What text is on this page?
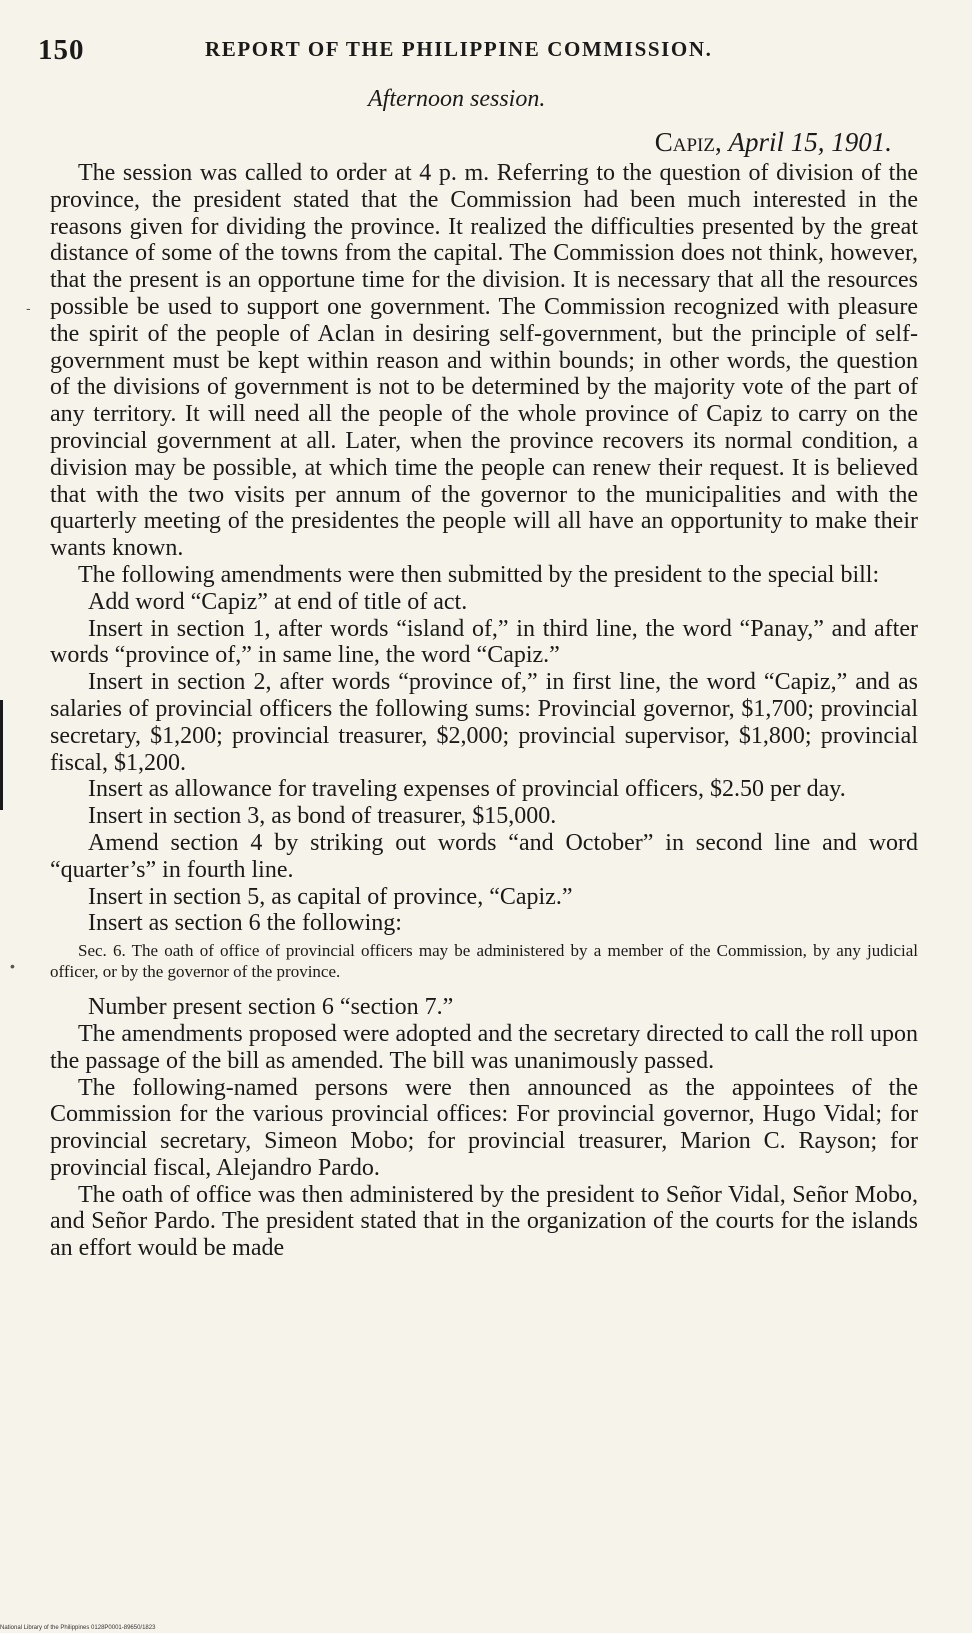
-
•
150	REPORT OF THE PHILIPPINE COMMISSION.
Afternoon session.
Capiz, April 15, 1901.

The session was called to order at 4 p. m. Referring to the question of division of the province, the president stated that the Commission had been much interested in the reasons given for dividing the province. It realized the difficulties presented by the great distance of some of the towns from the capital. The Commission does not think, however, that the present is an opportune time for the division. It is necessary that all the resources possible be used to support one government. The Commission recognized with pleasure the spirit of the people of Aclan in desiring self-government, but the principle of self-government must be kept within reason and within bounds; in other words, the question of the divisions of government is not to be determined by the majority vote of the part of any territory. It will need all the people of the whole province of Capiz to carry on the provincial government at all. Later, when the province recovers its normal condition, a division may be possible, at which time the people can renew their request. It is believed that with the two visits per annum of the governor to the municipalities and with the quarterly meeting of the presidentes the people will all have an opportunity to make their wants known.

The following amendments were then submitted by the president to the special bill:

Add word “Capiz” at end of title of act.

Insert in section 1, after words “island of,” in third line, the word “Panay,” and after words “province of,” in same line, the word “Capiz.”

Insert in section 2, after words “province of,” in first line, the word “Capiz,” and as salaries of provincial officers the following sums: Provincial governor, $1,700; provincial secretary, $1,200; provincial treasurer, $2,000; provincial supervisor, $1,800; provincial fiscal, $1,200.

Insert as allowance for traveling expenses of provincial officers, $2.50 per day.

Insert in section 3, as bond of treasurer, $15,000.

Amend section 4 by striking out words “and October” in second line and word “quarter’s” in fourth line.

Insert in section 5, as capital of province, “Capiz.”

Insert as section 6 the following:

Sec. 6. The oath of office of provincial officers may be administered by a member of the Commission, by any judicial officer, or by the governor of the province.

Number present section 6 “section 7.”

The amendments proposed were adopted and the secretary directed to call the roll upon the passage of the bill as amended. The bill was unanimously passed.

The following-named persons were then announced as the appointees of the Commission for the various provincial offices: For provincial governor, Hugo Vidal; for provincial secretary, Simeon Mobo; for provincial treasurer, Marion C. Rayson; for provincial fiscal, Alejandro Pardo.

The oath of office was then administered by the president to Señor Vidal, Señor Mobo, and Señor Pardo. The president stated that in the organization of the courts for the islands an effort would be made

National Library of the Philippines 0128P0001-89650/1823
